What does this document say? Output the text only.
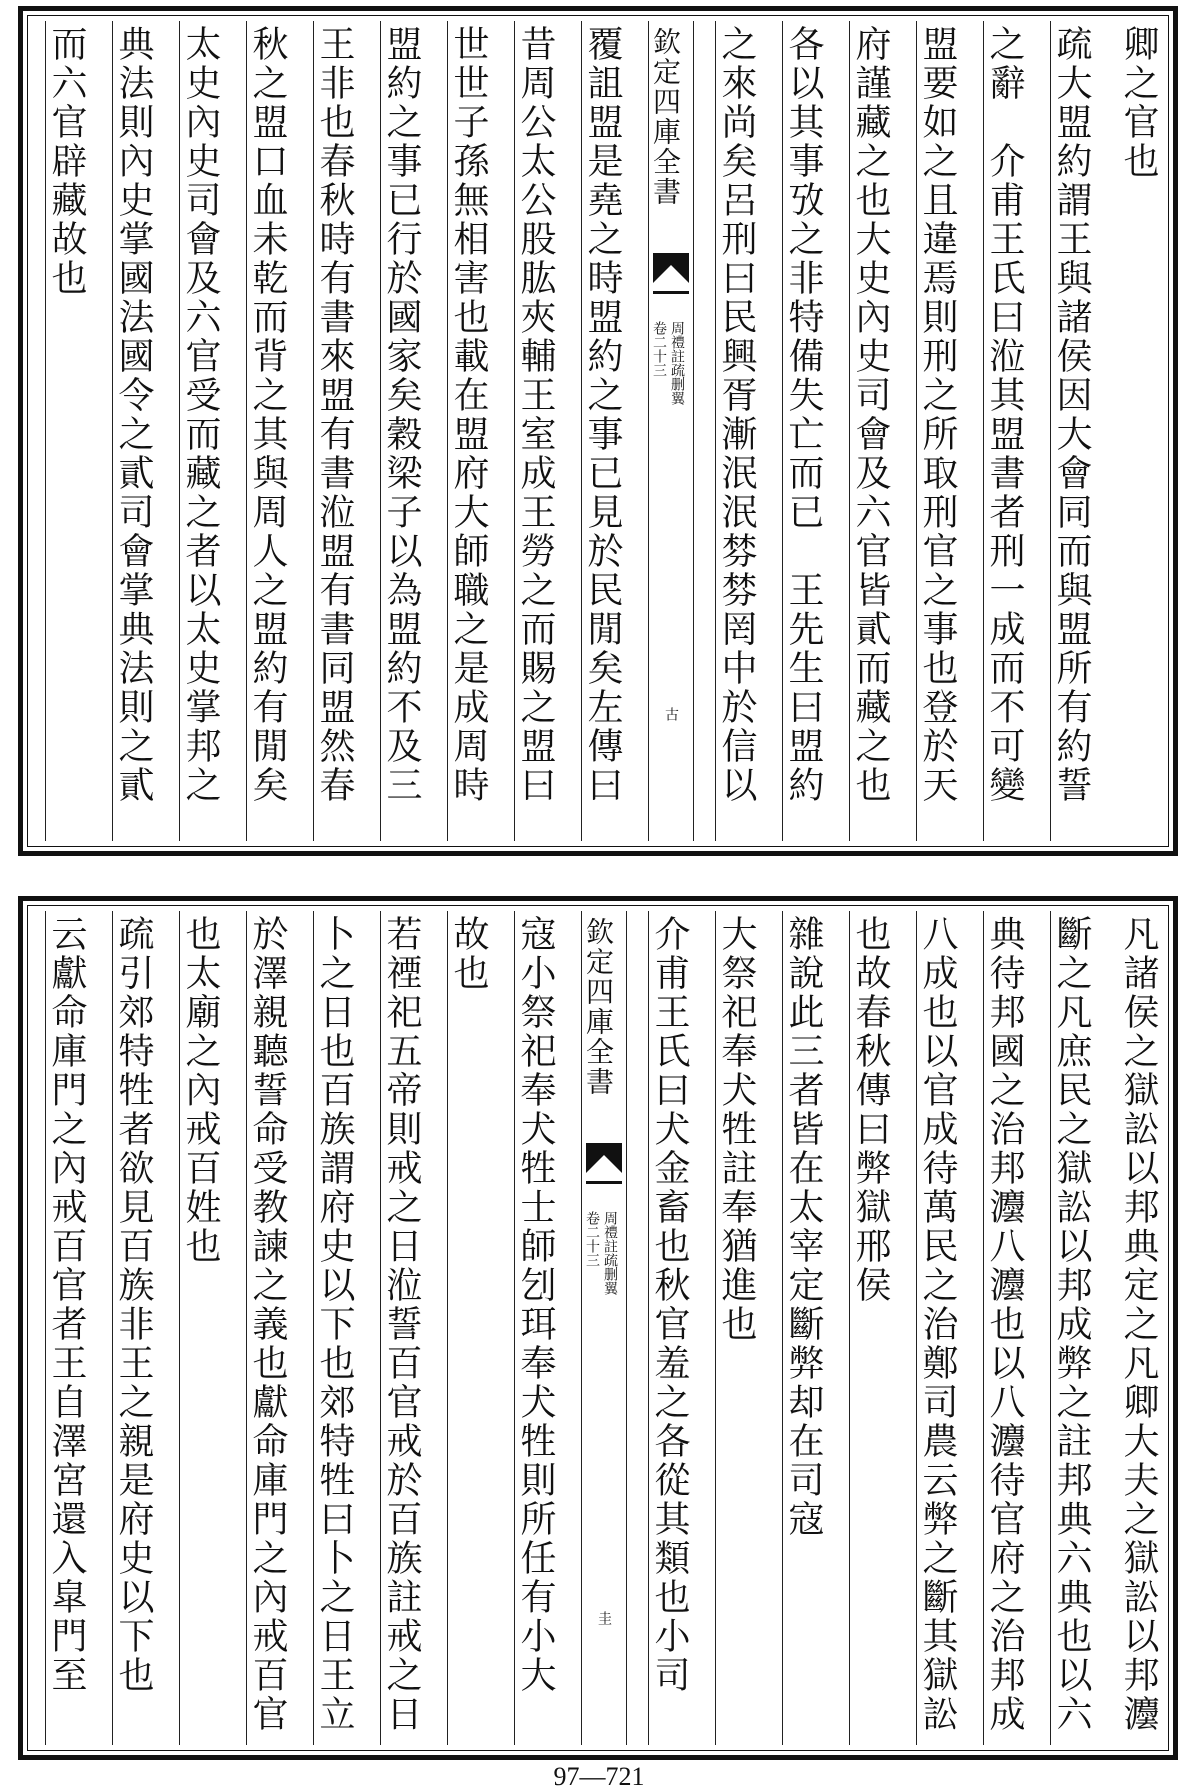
卿之官也
疏大盟約謂王與諸侯因大會同而與盟所有約誓
之辭　介甫王氏曰涖其盟書者刑一成而不可變
盟要如之且違焉則刑之所取刑官之事也登於天
府謹藏之也大史內史司會及六官皆貳而藏之也
各以其事攷之非特備失亡而已　王先生曰盟約
之來尚矣呂刑曰民興胥漸泯泯棼棼罔中於信以
欽定四庫全書
卷二十三 周禮註疏删翼
古
覆詛盟是堯之時盟約之事已見於民閒矣左傳曰
昔周公太公股肱夾輔王室成王勞之而賜之盟曰
世世子孫無相害也載在盟府大師職之是成周時
盟約之事已行於國家矣穀梁子以為盟約不及三
王非也春秋時有書來盟有書涖盟有書同盟然春
秋之盟口血未乾而背之其與周人之盟約有閒矣
太史內史司會及六官受而藏之者以太史掌邦之
典法則內史掌國法國令之貳司會掌典法則之貳
而六官辟藏故也
凡諸侯之獄訟以邦典定之凡卿大夫之獄訟以邦灋
斷之凡庶民之獄訟以邦成弊之註邦典六典也以六
典待邦國之治邦灋八灋也以八灋待官府之治邦成
八成也以官成待萬民之治鄭司農云弊之斷其獄訟
也故春秋傳曰弊獄邢侯
雜說此三者皆在太宰定斷弊却在司寇
大祭祀奉犬牲註奉猶進也
介甫王氏曰犬金畜也秋官羞之各從其類也小司
欽定四庫全書
卷二十三 周禮註疏删翼
圭
寇小祭祀奉犬牲士師刉珥奉犬牲則所任有小大
故也
若禋祀五帝則戒之日涖誓百官戒於百族註戒之日
卜之日也百族謂府史以下也郊特牲曰卜之日王立
於澤親聽誓命受教諫之義也獻命庫門之內戒百官
也太廟之內戒百姓也
疏引郊特牲者欲見百族非王之親是府史以下也
云獻命庫門之內戒百官者王自澤宮還入皐門至
97—721
